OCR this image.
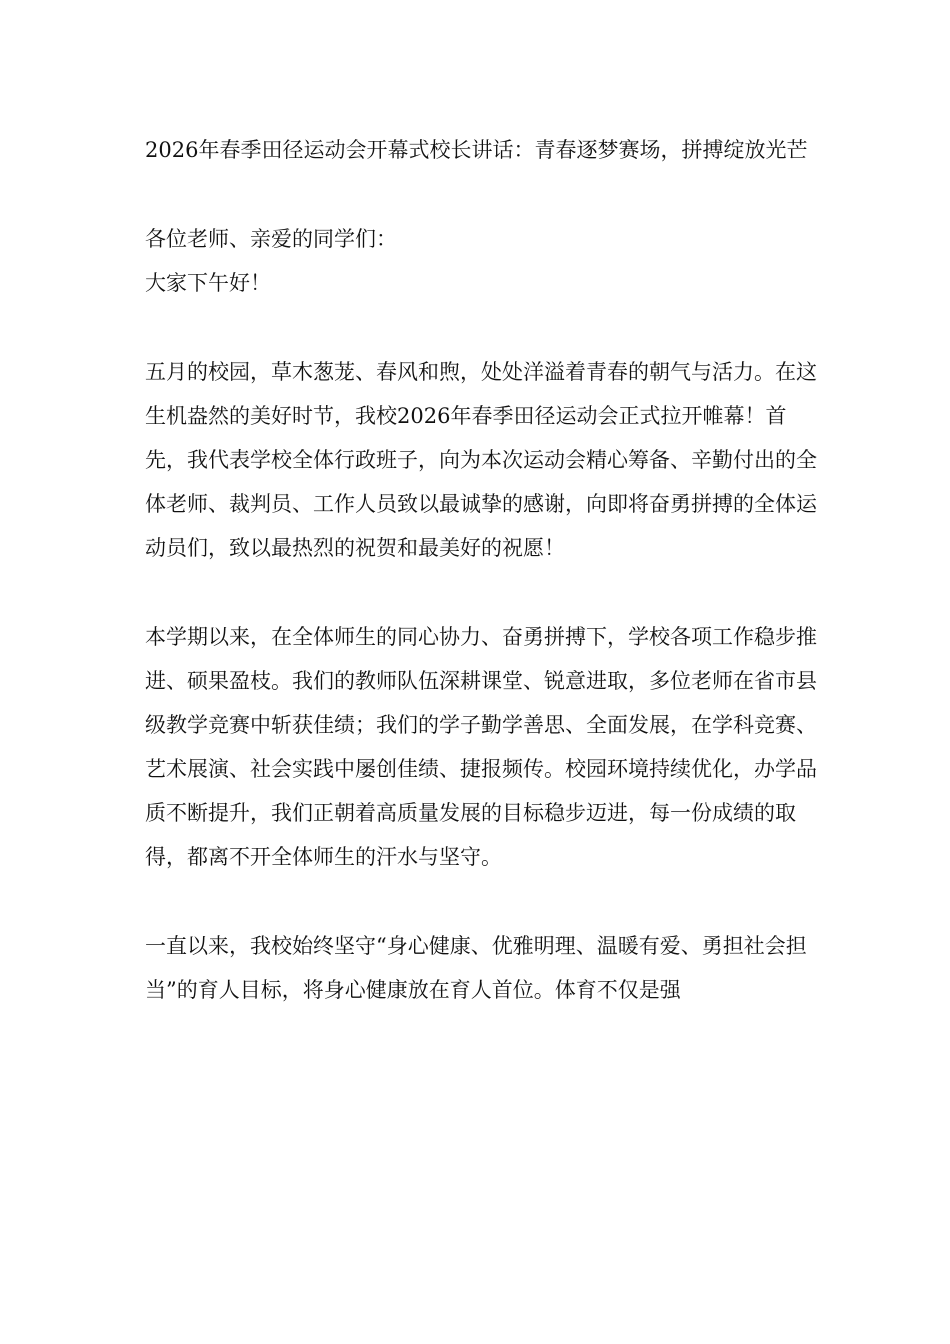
2026年春季田径运动会开幕式校长讲话：青春逐梦赛场，拼搏绽放光芒

各位老师、亲爱的同学们：

大家下午好！

五月的校园，草木葱茏、春风和煦，处处洋溢着青春的朝气与活力。在这生机盎然的美好时节，我校2026年春季田径运动会正式拉开帷幕！首先，我代表学校全体行政班子，向为本次运动会精心筹备、辛勤付出的全体老师、裁判员、工作人员致以最诚挚的感谢，向即将奋勇拼搏的全体运动员们，致以最热烈的祝贺和最美好的祝愿！

本学期以来，在全体师生的同心协力、奋勇拼搏下，学校各项工作稳步推进、硕果盈枝。我们的教师队伍深耕课堂、锐意进取，多位老师在省市县级教学竞赛中斩获佳绩；我们的学子勤学善思、全面发展，在学科竞赛、艺术展演、社会实践中屡创佳绩、捷报频传。校园环境持续优化，办学品质不断提升，我们正朝着高质量发展的目标稳步迈进，每一份成绩的取得，都离不开全体师生的汗水与坚守。

一直以来，我校始终坚守“身心健康、优雅明理、温暖有爱、勇担社会担当”的育人目标，将身心健康放在育人首位。体育不仅是强
